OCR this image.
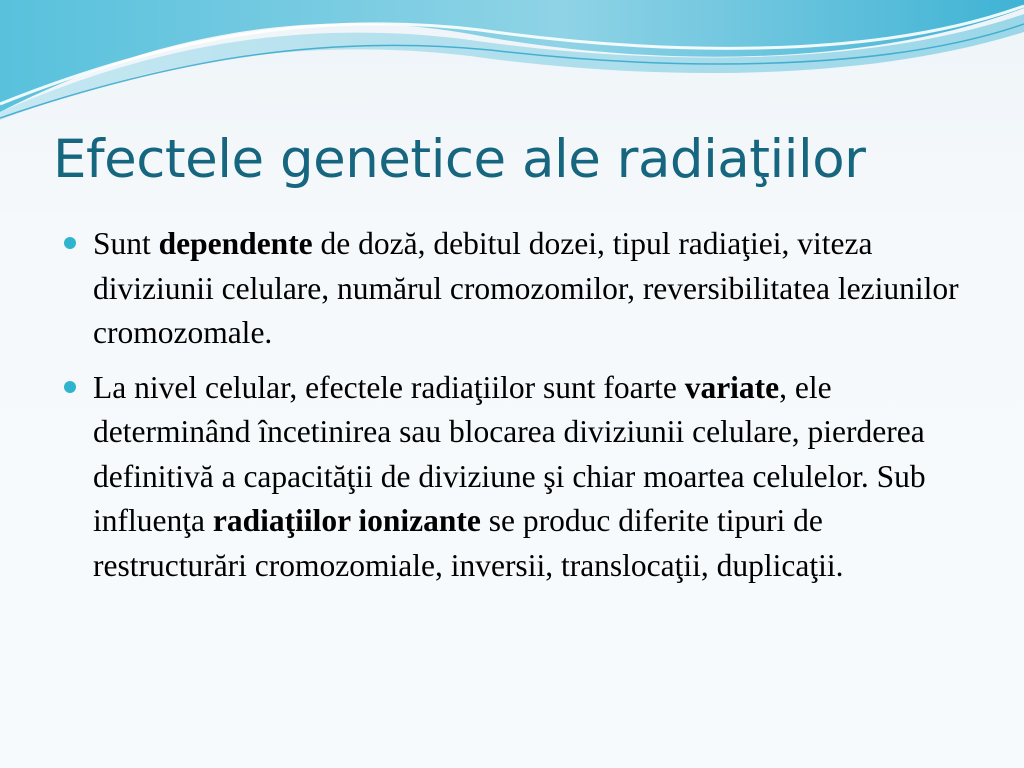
Efectele genetice ale radiaţiilor
Sunt dependente de doză, debitul dozei, tipul radiaţiei, viteza diviziunii celulare, numărul cromozomilor, reversibilitatea leziunilor cromozomale.
La nivel celular, efectele radiaţiilor sunt foarte variate, ele determinând încetinirea sau blocarea diviziunii celulare, pierderea definitivă a capacităţii de diviziune şi chiar moartea celulelor. Sub influenţa radiaţiilor ionizante se produc diferite tipuri de restructurări cromozomiale, inversii, translocaţii, duplicaţii.
